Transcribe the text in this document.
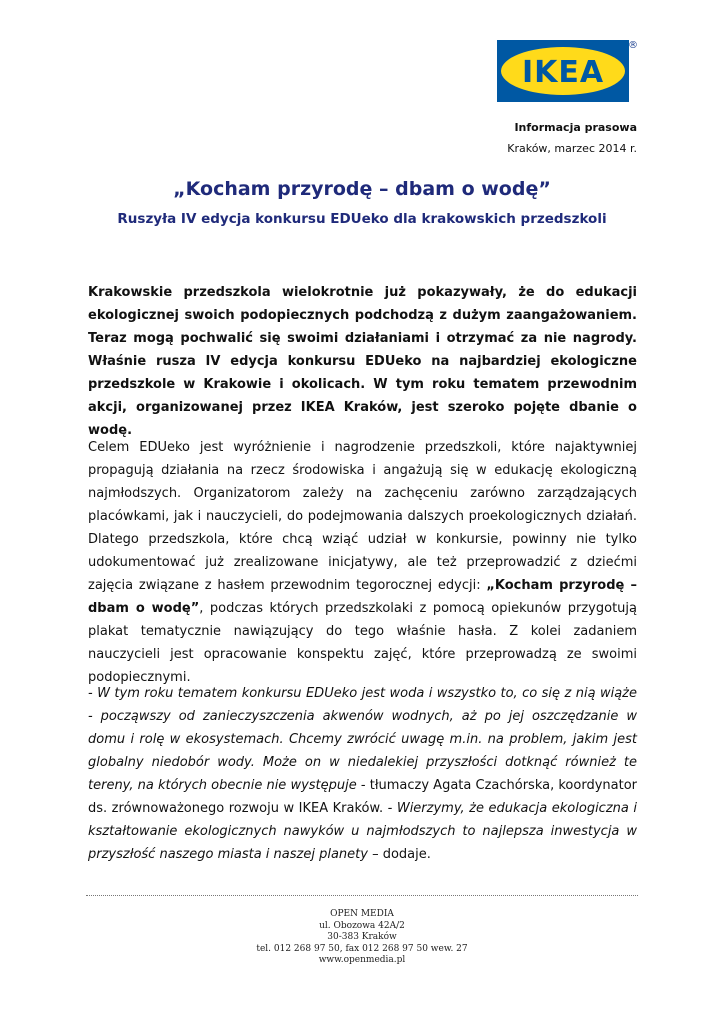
IKEA
®
Informacja prasowa
Kraków, marzec 2014 r.
„Kocham przyrodę – dbam o wodę”
Ruszyła IV edycja konkursu EDUeko dla krakowskich przedszkoli
Krakowskie przedszkola wielokrotnie już pokazywały, że do edukacji ekologicznej swoich podopiecznych podchodzą z dużym zaangażowaniem. Teraz mogą pochwalić się swoimi działaniami i otrzymać za nie nagrody. Właśnie rusza IV edycja konkursu EDUeko na najbardziej ekologiczne przedszkole w Krakowie i okolicach. W tym roku tematem przewodnim akcji, organizowanej przez IKEA Kraków, jest szeroko pojęte dbanie o wodę.
Celem EDUeko jest wyróżnienie i nagrodzenie przedszkoli, które najaktywniej propagują działania na rzecz środowiska i angażują się w edukację ekologiczną najmłodszych. Organizatorom zależy na zachęceniu zarówno zarządzających placówkami, jak i nauczycieli, do podejmowania dalszych proekologicznych działań. Dlatego przedszkola, które chcą wziąć udział w konkursie, powinny nie tylko udokumentować już zrealizowane inicjatywy, ale też przeprowadzić z dziećmi zajęcia związane z hasłem przewodnim tegorocznej edycji: „Kocham przyrodę – dbam o wodę”, podczas których przedszkolaki z pomocą opiekunów przygotują plakat tematycznie nawiązujący do tego właśnie hasła. Z kolei zadaniem nauczycieli jest opracowanie konspektu zajęć, które przeprowadzą ze swoimi podopiecznymi.
- W tym roku tematem konkursu EDUeko jest woda i wszystko to, co się z nią wiąże - począwszy od zanieczyszczenia akwenów wodnych, aż po jej oszczędzanie w domu i rolę w ekosystemach. Chcemy zwrócić uwagę m.in. na problem, jakim jest globalny niedobór wody. Może on w niedalekiej przyszłości dotknąć również te tereny, na których obecnie nie występuje - tłumaczy Agata Czachórska, koordynator ds. zrównoważonego rozwoju w IKEA Kraków. - Wierzymy, że edukacja ekologiczna i kształtowanie ekologicznych nawyków u najmłodszych to najlepsza inwestycja w przyszłość naszego miasta i naszej planety – dodaje.
OPEN MEDIA
ul. Obozowa 42A/2
30-383 Kraków
tel. 012 268 97 50, fax 012 268 97 50 wew. 27
www.openmedia.pl
